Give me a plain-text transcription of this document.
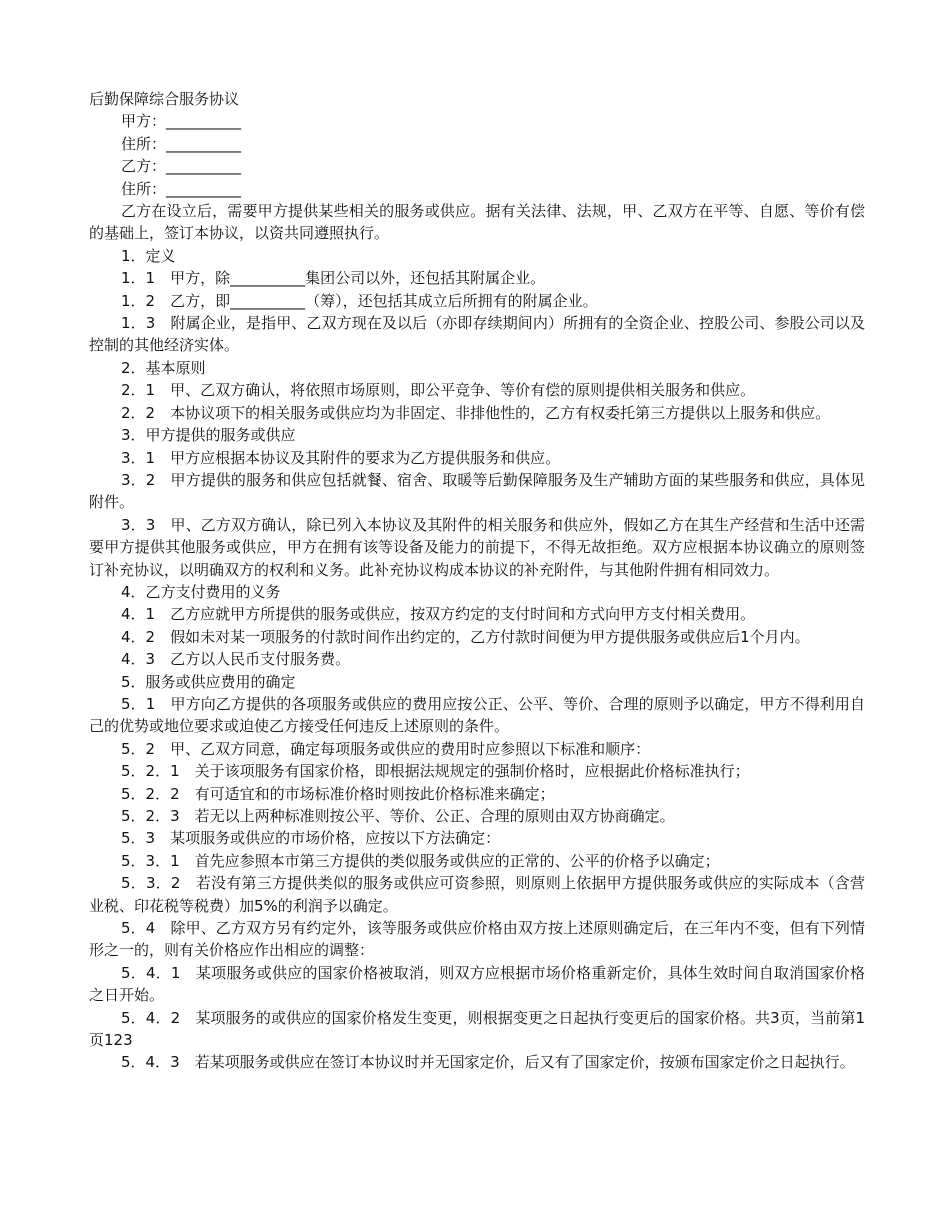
后勤保障综合服务协议

甲方：__________

住所：__________

乙方：__________

住所：__________

乙方在设立后，需要甲方提供某些相关的服务或供应。据有关法律、法规，甲、乙双方在平等、自愿、等价有偿的基础上，签订本协议，以资共同遵照执行。

1．定义

1．1　甲方，除__________集团公司以外，还包括其附属企业。

1．2　乙方，即__________（筹），还包括其成立后所拥有的附属企业。

1．3　附属企业，是指甲、乙双方现在及以后（亦即存续期间内）所拥有的全资企业、控股公司、参股公司以及控制的其他经济实体。

2．基本原则

2．1　甲、乙双方确认，将依照市场原则，即公平竞争、等价有偿的原则提供相关服务和供应。

2．2　本协议项下的相关服务或供应均为非固定、非排他性的，乙方有权委托第三方提供以上服务和供应。

3．甲方提供的服务或供应

3．1　甲方应根据本协议及其附件的要求为乙方提供服务和供应。

3．2　甲方提供的服务和供应包括就餐、宿舍、取暖等后勤保障服务及生产辅助方面的某些服务和供应，具体见附件。

3．3　甲、乙方双方确认，除已列入本协议及其附件的相关服务和供应外，假如乙方在其生产经营和生活中还需要甲方提供其他服务或供应，甲方在拥有该等设备及能力的前提下，不得无故拒绝。双方应根据本协议确立的原则签订补充协议，以明确双方的权利和义务。此补充协议构成本协议的补充附件，与其他附件拥有相同效力。

4．乙方支付费用的义务

4．1　乙方应就甲方所提供的服务或供应，按双方约定的支付时间和方式向甲方支付相关费用。

4．2　假如未对某一项服务的付款时间作出约定的，乙方付款时间便为甲方提供服务或供应后1个月内。

4．3　乙方以人民币支付服务费。

5．服务或供应费用的确定

5．1　甲方向乙方提供的各项服务或供应的费用应按公正、公平、等价、合理的原则予以确定，甲方不得利用自己的优势或地位要求或迫使乙方接受任何违反上述原则的条件。

5．2　甲、乙双方同意，确定每项服务或供应的费用时应参照以下标准和顺序：

5．2．1　关于该项服务有国家价格，即根据法规规定的强制价格时，应根据此价格标准执行；

5．2．2　有可适宜和的市场标准价格时则按此价格标准来确定；

5．2．3　若无以上两种标准则按公平、等价、公正、合理的原则由双方协商确定。

5．3　某项服务或供应的市场价格，应按以下方法确定：

5．3．1　首先应参照本市第三方提供的类似服务或供应的正常的、公平的价格予以确定；

5．3．2　若没有第三方提供类似的服务或供应可资参照，则原则上依据甲方提供服务或供应的实际成本（含营业税、印花税等税费）加5%的利润予以确定。

5．4　除甲、乙方双方另有约定外，该等服务或供应价格由双方按上述原则确定后，在三年内不变，但有下列情形之一的，则有关价格应作出相应的调整：

5．4．1　某项服务或供应的国家价格被取消，则双方应根据市场价格重新定价，具体生效时间自取消国家价格之日开始。

5．4．2　某项服务的或供应的国家价格发生变更，则根据变更之日起执行变更后的国家价格。共3页，当前第1页123

5．4．3　若某项服务或供应在签订本协议时并无国家定价，后又有了国家定价，按颁布国家定价之日起执行。
